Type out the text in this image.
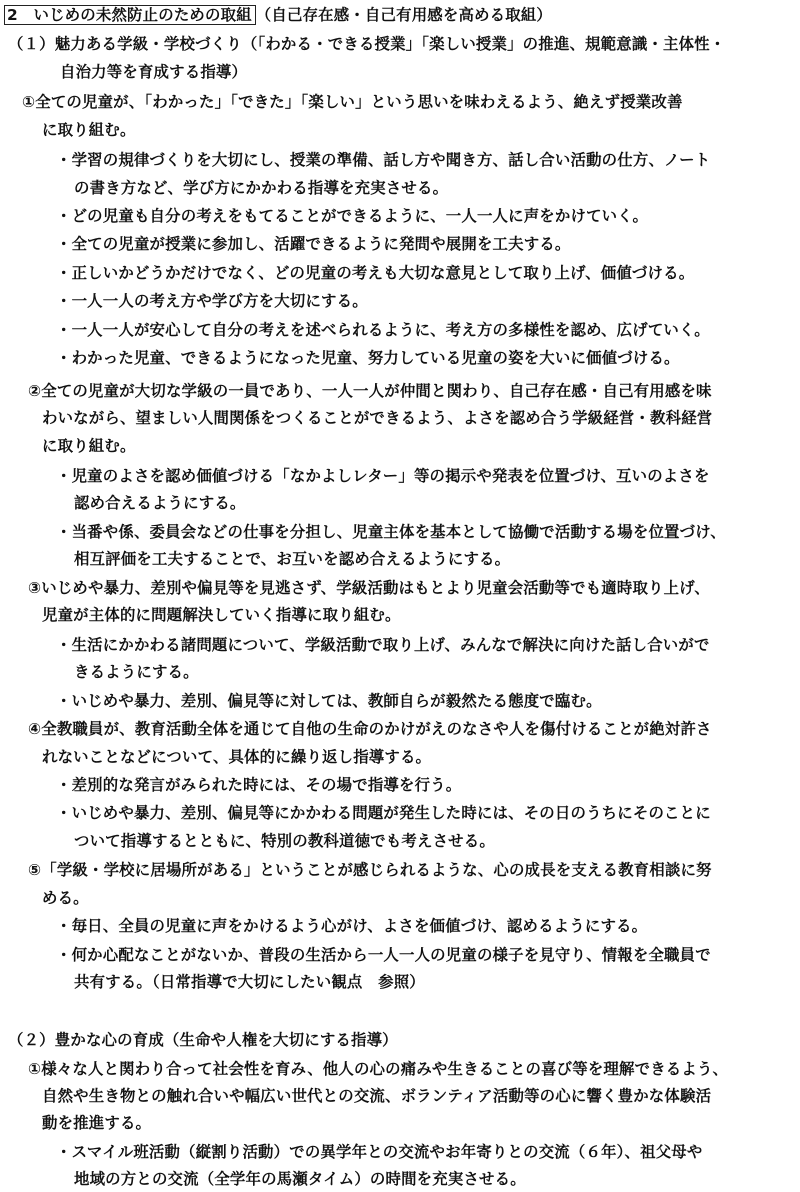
2　 いじめの未然防止のための取組 （自己存在感・自己有用感を高める取組）
（１）魅力ある学級・学校づくり（「わかる・できる授業」「楽しい授業」の推進、規範意識・主体性・
自治力等を育成する指導）
①全ての児童が、「わかった」「できた」「楽しい」という思いを味わえるよう、絶えず授業改善
に取り組む。
・学習の規律づくりを大切にし、授業の準備、話し方や聞き方、話し合い活動の仕方、ノート
の書き方など、学び方にかかわる指導を充実させる。
・どの児童も自分の考えをもてることができるように、一人一人に声をかけていく。
・全ての児童が授業に参加し、活躍できるように発問や展開を工夫する。
・正しいかどうかだけでなく、どの児童の考えも大切な意見として取り上げ、価値づける。
・一人一人の考え方や学び方を大切にする。
・一人一人が安心して自分の考えを述べられるように、考え方の多様性を認め、広げていく。
・わかった児童、できるようになった児童、努力している児童の姿を大いに価値づける。
②全ての児童が大切な学級の一員であり、一人一人が仲間と関わり、自己存在感・自己有用感を味
わいながら、望ましい人間関係をつくることができるよう、よさを認め合う学級経営・教科経営
に取り組む。
・児童のよさを認め価値づける「なかよしレター」等の掲示や発表を位置づけ、互いのよさを
認め合えるようにする。
・当番や係、委員会などの仕事を分担し、児童主体を基本として協働で活動する場を位置づけ、
相互評価を工夫することで、お互いを認め合えるようにする。
③いじめや暴力、差別や偏見等を見逃さず、学級活動はもとより児童会活動等でも適時取り上げ、
児童が主体的に問題解決していく指導に取り組む。
・生活にかかわる諸問題について、学級活動で取り上げ、みんなで解決に向けた話し合いがで
きるようにする。
・いじめや暴力、差別、偏見等に対しては、教師自らが毅然たる態度で臨む。
④全教職員が、教育活動全体を通じて自他の生命のかけがえのなさや人を傷付けることが絶対許さ
れないことなどについて、具体的に繰り返し指導する。
・差別的な発言がみられた時には、その場で指導を行う。
・いじめや暴力、差別、偏見等にかかわる問題が発生した時には、その日のうちにそのことに
ついて指導するとともに、特別の教科道徳でも考えさせる。
⑤「学級・学校に居場所がある」ということが感じられるような、心の成長を支える教育相談に努
める。
・毎日、全員の児童に声をかけるよう心がけ、よさを価値づけ、認めるようにする。
・何か心配なことがないか、普段の生活から一人一人の児童の様子を見守り、情報を全職員で
共有する。（日常指導で大切にしたい観点　参照）
（２）豊かな心の育成（生命や人権を大切にする指導）
①様々な人と関わり合って社会性を育み、他人の心の痛みや生きることの喜び等を理解できるよう、
自然や生き物との触れ合いや幅広い世代との交流、ボランティア活動等の心に響く豊かな体験活
動を推進する。
・スマイル班活動（縦割り活動）での異学年との交流やお年寄りとの交流（６年）、祖父母や
地域の方との交流（全学年の馬瀬タイム）の時間を充実させる。
